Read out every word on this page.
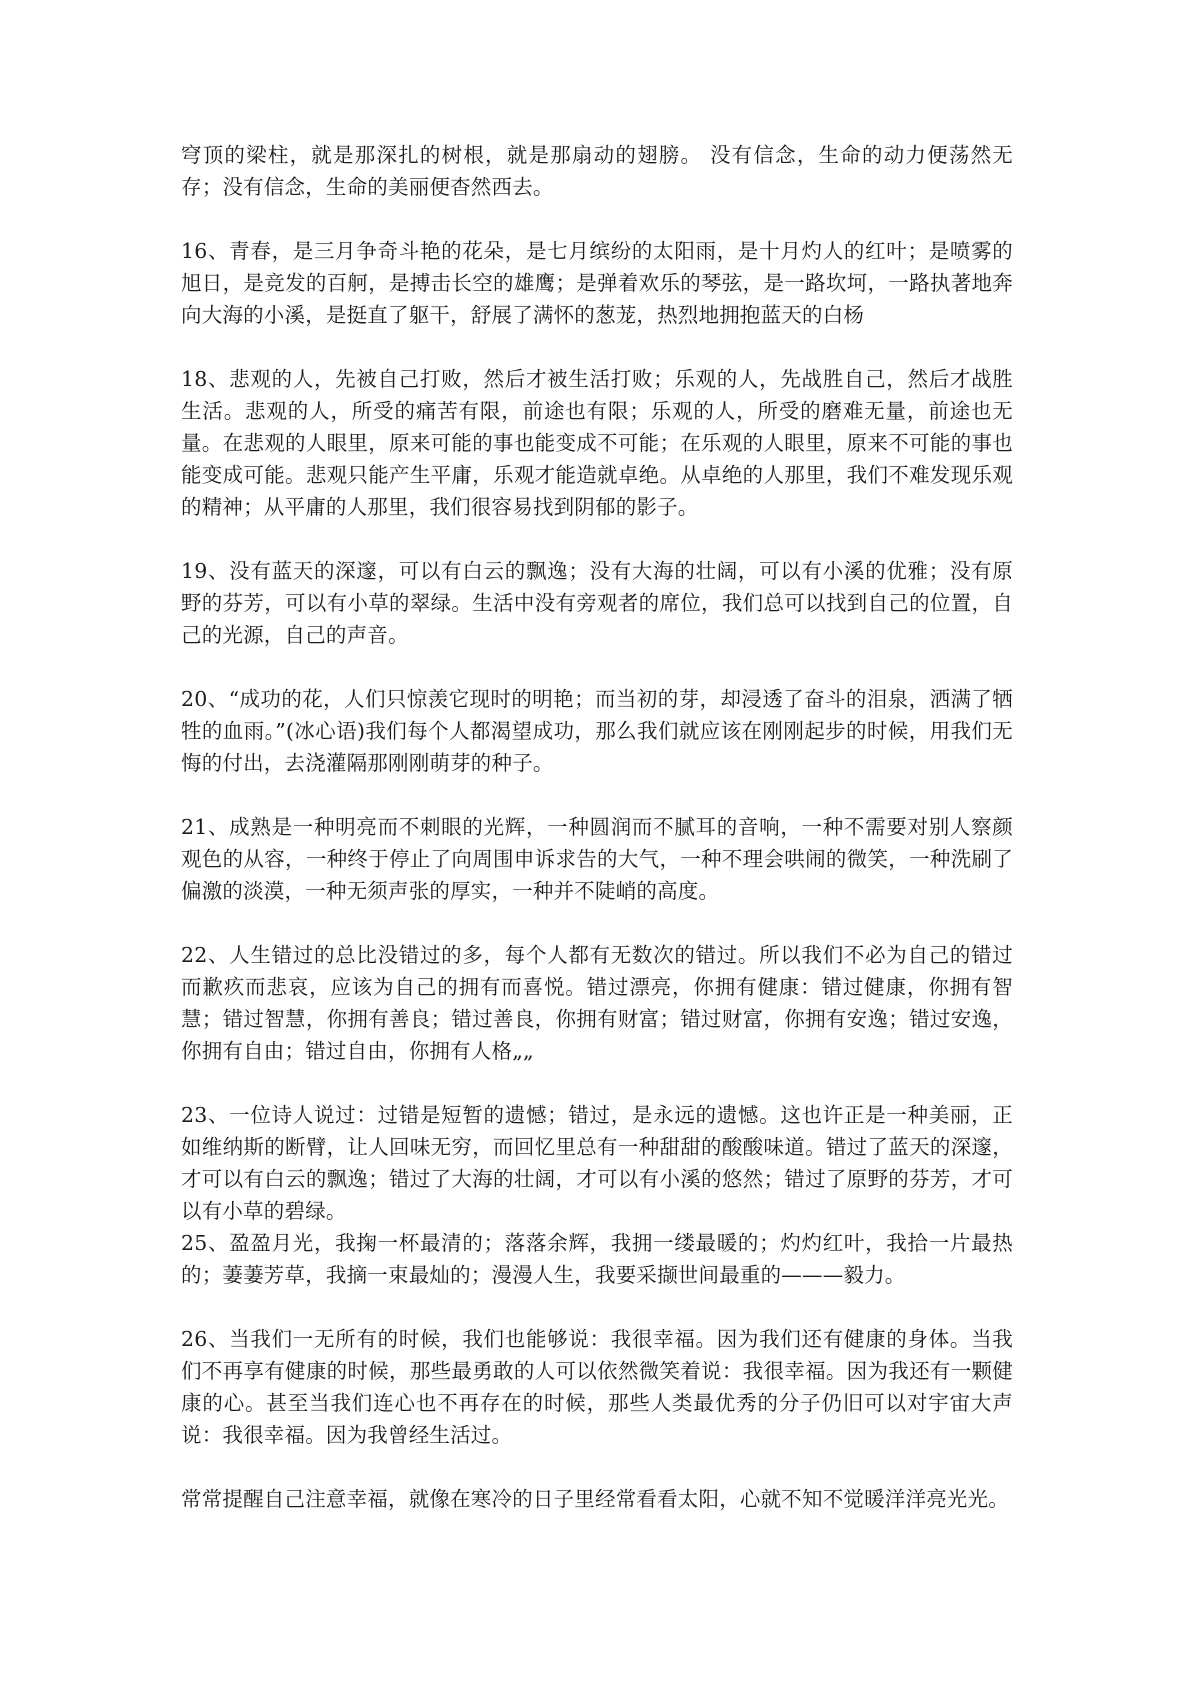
穹顶的梁柱，就是那深扎的树根，就是那扇动的翅膀。 没有信念，生命的动力便荡然无存；没有信念，生命的美丽便杳然西去。

16、青春，是三月争奇斗艳的花朵，是七月缤纷的太阳雨，是十月灼人的红叶；是喷雾的旭日，是竞发的百舸，是搏击长空的雄鹰；是弹着欢乐的琴弦，是一路坎坷，一路执著地奔向大海的小溪，是挺直了躯干，舒展了满怀的葱茏，热烈地拥抱蓝天的白杨

18、悲观的人，先被自己打败，然后才被生活打败；乐观的人，先战胜自己，然后才战胜生活。悲观的人，所受的痛苦有限，前途也有限；乐观的人，所受的磨难无量，前途也无量。在悲观的人眼里，原来可能的事也能变成不可能；在乐观的人眼里，原来不可能的事也能变成可能。悲观只能产生平庸，乐观才能造就卓绝。从卓绝的人那里，我们不难发现乐观的精神；从平庸的人那里，我们很容易找到阴郁的影子。

19、没有蓝天的深邃，可以有白云的飘逸；没有大海的壮阔，可以有小溪的优雅；没有原野的芬芳，可以有小草的翠绿。生活中没有旁观者的席位，我们总可以找到自己的位置，自己的光源，自己的声音。

20、“成功的花，人们只惊羡它现时的明艳；而当初的芽，却浸透了奋斗的泪泉，洒满了牺牲的血雨。”(冰心语)我们每个人都渴望成功，那么我们就应该在刚刚起步的时候，用我们无悔的付出，去浇灌隔那刚刚萌芽的种子。

21、成熟是一种明亮而不刺眼的光辉，一种圆润而不腻耳的音响，一种不需要对别人察颜观色的从容，一种终于停止了向周围申诉求告的大气，一种不理会哄闹的微笑，一种洗刷了偏激的淡漠，一种无须声张的厚实，一种并不陡峭的高度。

22、人生错过的总比没错过的多，每个人都有无数次的错过。所以我们不必为自己的错过而歉疚而悲哀，应该为自己的拥有而喜悦。错过漂亮，你拥有健康：错过健康，你拥有智慧；错过智慧，你拥有善良；错过善良，你拥有财富；错过财富，你拥有安逸；错过安逸，你拥有自由；错过自由，你拥有人格„„

23、一位诗人说过：过错是短暂的遗憾；错过，是永远的遗憾。这也许正是一种美丽，正如维纳斯的断臂，让人回味无穷，而回忆里总有一种甜甜的酸酸味道。错过了蓝天的深邃，才可以有白云的飘逸；错过了大海的壮阔，才可以有小溪的悠然；错过了原野的芬芳，才可以有小草的碧绿。

25、盈盈月光，我掬一杯最清的；落落余辉，我拥一缕最暖的；灼灼红叶，我拾一片最热的；萋萋芳草，我摘一束最灿的；漫漫人生，我要采撷世间最重的———毅力。

26、当我们一无所有的时候，我们也能够说：我很幸福。因为我们还有健康的身体。当我们不再享有健康的时候，那些最勇敢的人可以依然微笑着说：我很幸福。因为我还有一颗健康的心。甚至当我们连心也不再存在的时候，那些人类最优秀的分子仍旧可以对宇宙大声说：我很幸福。因为我曾经生活过。

常常提醒自己注意幸福，就像在寒冷的日子里经常看看太阳，心就不知不觉暖洋洋亮光光。
